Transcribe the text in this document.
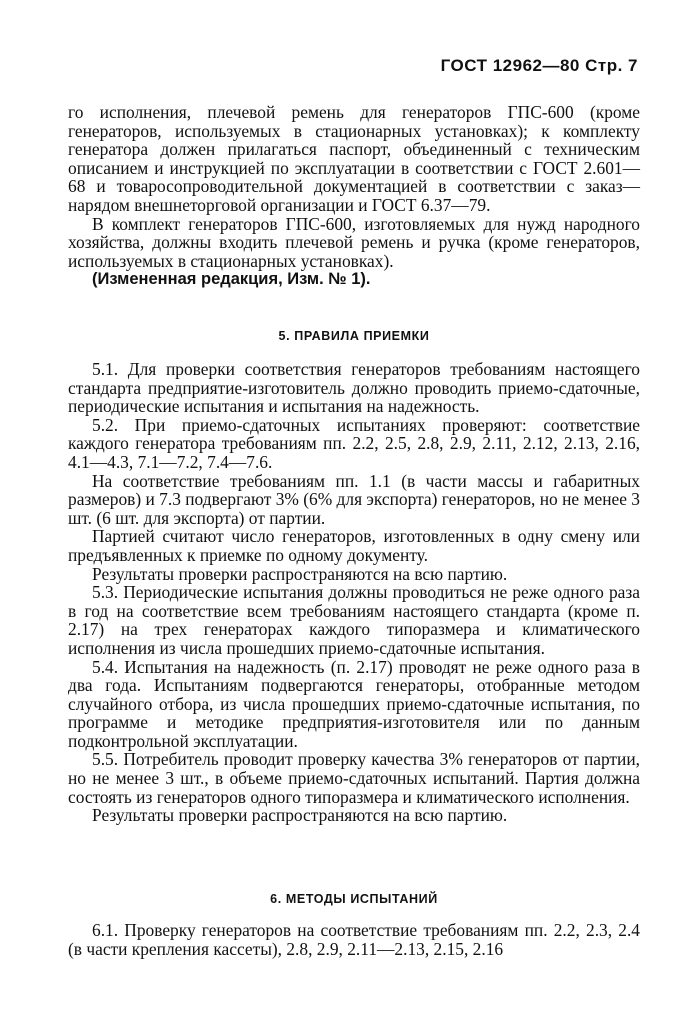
ГОСТ 12962—80 Стр. 7

го исполнения, плечевой ремень для генераторов ГПС-600 (кроме генераторов, используемых в стационарных установках); к комплекту генератора должен прилагаться паспорт, объединенный с техническим описанием и инструкцией по эксплуатации в соответствии с ГОСТ 2.601—68 и товаросопроводительной документацией в соответствии с заказ—нарядом внешнеторговой организации и ГОСТ 6.37—79.

В комплект генераторов ГПС-600, изготовляемых для нужд народного хозяйства, должны входить плечевой ремень и ручка (кроме генераторов, используемых в стационарных установках).

(Измененная редакция, Изм. № 1).

5. ПРАВИЛА ПРИЕМКИ

5.1. Для проверки соответствия генераторов требованиям настоящего стандарта предприятие-изготовитель должно проводить приемо-сдаточные, периодические испытания и испытания на надежность.

5.2. При приемо-сдаточных испытаниях проверяют: соответствие каждого генератора требованиям пп. 2.2, 2.5, 2.8, 2.9, 2.11, 2.12, 2.13, 2.16, 4.1—4.3, 7.1—7.2, 7.4—7.6.

На соответствие требованиям пп. 1.1 (в части массы и габаритных размеров) и 7.3 подвергают 3% (6% для экспорта) генераторов, но не менее 3 шт. (6 шт. для экспорта) от партии.

Партией считают число генераторов, изготовленных в одну смену или предъявленных к приемке по одному документу.

Результаты проверки распространяются на всю партию.

5.3. Периодические испытания должны проводиться не реже одного раза в год на соответствие всем требованиям настоящего стандарта (кроме п. 2.17) на трех генераторах каждого типоразмера и климатического исполнения из числа прошедших приемо-сдаточные испытания.

5.4. Испытания на надежность (п. 2.17) проводят не реже одного раза в два года. Испытаниям подвергаются генераторы, отобранные методом случайного отбора, из числа прошедших приемо-сдаточные испытания, по программе и методике предприятия-изготовителя или по данным подконтрольной эксплуатации.

5.5. Потребитель проводит проверку качества 3% генераторов от партии, но не менее 3 шт., в объеме приемо-сдаточных испытаний. Партия должна состоять из генераторов одного типоразмера и климатического исполнения.

Результаты проверки распространяются на всю партию.

6. МЕТОДЫ ИСПЫТАНИЙ

6.1. Проверку генераторов на соответствие требованиям пп. 2.2, 2.3, 2.4 (в части крепления кассеты), 2.8, 2.9, 2.11—2.13, 2.15, 2.16
